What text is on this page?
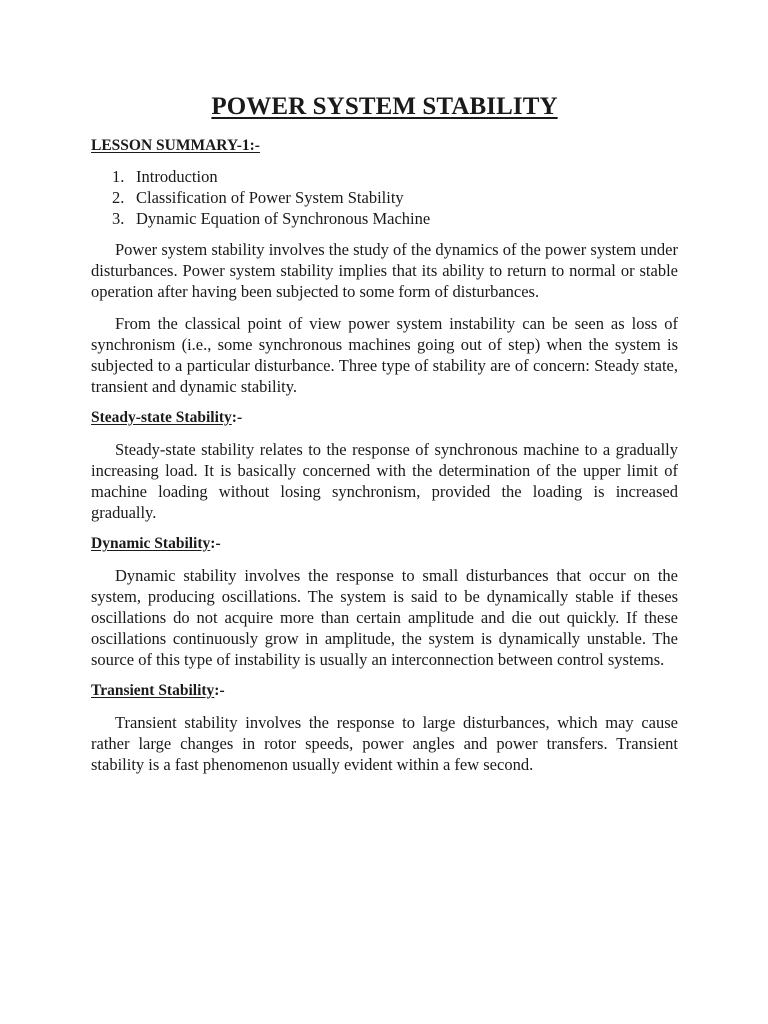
POWER SYSTEM STABILITY
LESSON SUMMARY-1:-
1. Introduction
2. Classification of Power System Stability
3. Dynamic Equation of Synchronous Machine

Power system stability involves the study of the dynamics of the power system under disturbances. Power system stability implies that its ability to return to normal or stable operation after having been subjected to some form of disturbances.

From the classical point of view power system instability can be seen as loss of synchronism (i.e., some synchronous machines going out of step) when the system is subjected to a particular disturbance. Three type of stability are of concern: Steady state, transient and dynamic stability.

Steady-state Stability:-

Steady-state stability relates to the response of synchronous machine to a gradually increasing load. It is basically concerned with the determination of the upper limit of machine loading without losing synchronism, provided the loading is increased gradually.

Dynamic Stability:-

Dynamic stability involves the response to small disturbances that occur on the system, producing oscillations. The system is said to be dynamically stable if theses oscillations do not acquire more than certain amplitude and die out quickly. If these oscillations continuously grow in amplitude, the system is dynamically unstable. The source of this type of instability is usually an interconnection between control systems.

Transient Stability:-

Transient stability involves the response to large disturbances, which may cause rather large changes in rotor speeds, power angles and power transfers. Transient stability is a fast phenomenon usually evident within a few second.
